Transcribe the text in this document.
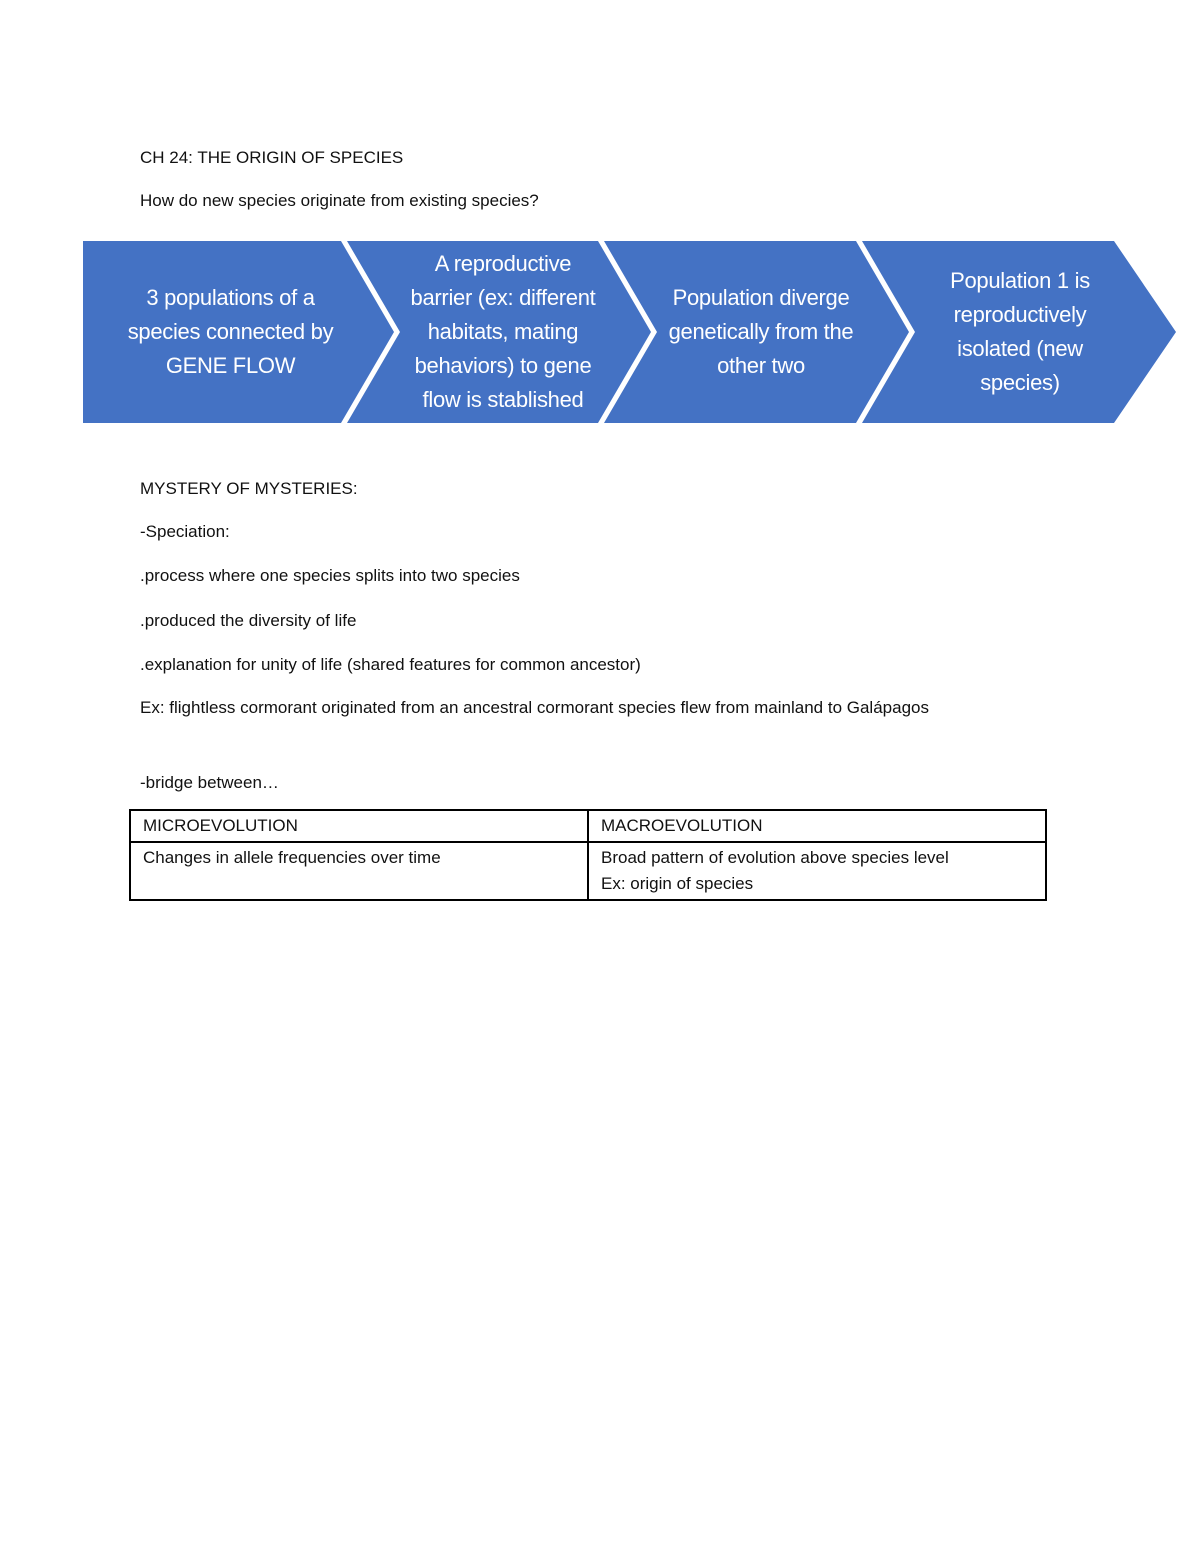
CH 24: THE ORIGIN OF SPECIES
How do new species originate from existing species?
3 populations of a species connected by GENE FLOW
A reproductive barrier (ex: different habitats, mating behaviors) to gene flow is stablished
Population diverge genetically from the other two
Population 1 is reproductively isolated (new species)
MYSTERY OF MYSTERIES:
-Speciation:
.process where one species splits into two species
.produced the diversity of life
.explanation for unity of life (shared features for common ancestor)
Ex: flightless cormorant originated from an ancestral cormorant species flew from mainland to Galápagos
-bridge between…
MICROEVOLUTION	MACROEVOLUTION
Changes in allele frequencies over time	Broad pattern of evolution above species level
Ex: origin of species
